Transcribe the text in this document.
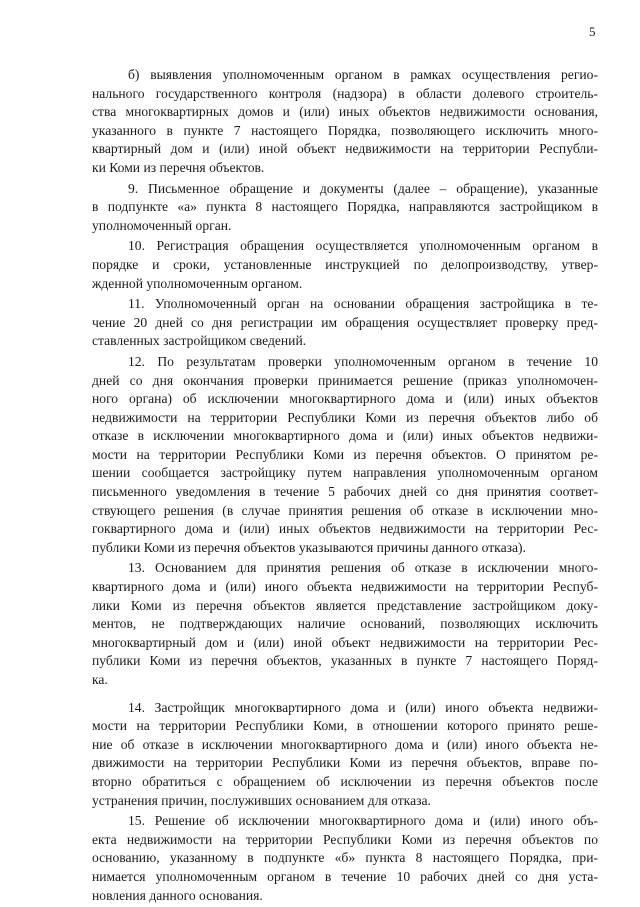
5
б) выявления уполномоченным органом в рамках осуществления регио-
нального государственного контроля (надзора) в области долевого строитель-
ства многоквартирных домов и (или) иных объектов недвижимости основания,
указанного в пункте 7 настоящего Порядка, позволяющего исключить много-
квартирный дом и (или) иной объект недвижимости на территории Республи-
ки Коми из перечня объектов.
9. Письменное обращение и документы (далее – обращение), указанные
в подпункте «а» пункта 8 настоящего Порядка, направляются застройщиком в
уполномоченный орган.
10. Регистрация обращения осуществляется уполномоченным органом в
порядке и сроки, установленные инструкцией по делопроизводству, утвер-
жденной уполномоченным органом.
11. Уполномоченный орган на основании обращения застройщика в те-
чение 20 дней со дня регистрации им обращения осуществляет проверку пред-
ставленных застройщиком сведений.
12. По результатам проверки уполномоченным органом в течение 10
дней со дня окончания проверки принимается решение (приказ уполномочен-
ного органа) об исключении многоквартирного дома и (или) иных объектов
недвижимости на территории Республики Коми из перечня объектов либо об
отказе в исключении многоквартирного дома и (или) иных объектов недвижи-
мости на территории Республики Коми из перечня объектов. О принятом ре-
шении сообщается застройщику путем направления уполномоченным органом
письменного уведомления в течение 5 рабочих дней со дня принятия соответ-
ствующего решения (в случае принятия решения об отказе в исключении мно-
гоквартирного дома и (или) иных объектов недвижимости на территории Рес-
публики Коми из перечня объектов указываются причины данного отказа).
13. Основанием для принятия решения об отказе в исключении много-
квартирного дома и (или) иного объекта недвижимости на территории Респуб-
лики Коми из перечня объектов является представление застройщиком доку-
ментов, не подтверждающих наличие оснований, позволяющих исключить
многоквартирный дом и (или) иной объект недвижимости на территории Рес-
публики Коми из перечня объектов, указанных в пункте 7 настоящего Поряд-
ка.
14. Застройщик многоквартирного дома и (или) иного объекта недвижи-
мости на территории Республики Коми, в отношении которого принято реше-
ние об отказе в исключении многоквартирного дома и (или) иного объекта не-
движимости на территории Республики Коми из перечня объектов, вправе по-
вторно обратиться с обращением об исключении из перечня объектов после
устранения причин, послуживших основанием для отказа.
15. Решение об исключении многоквартирного дома и (или) иного объ-
екта недвижимости на территории Республики Коми из перечня объектов по
основанию, указанному в подпункте «б» пункта 8 настоящего Порядка, при-
нимается уполномоченным органом в течение 10 рабочих дней со дня уста-
новления данного основания.
